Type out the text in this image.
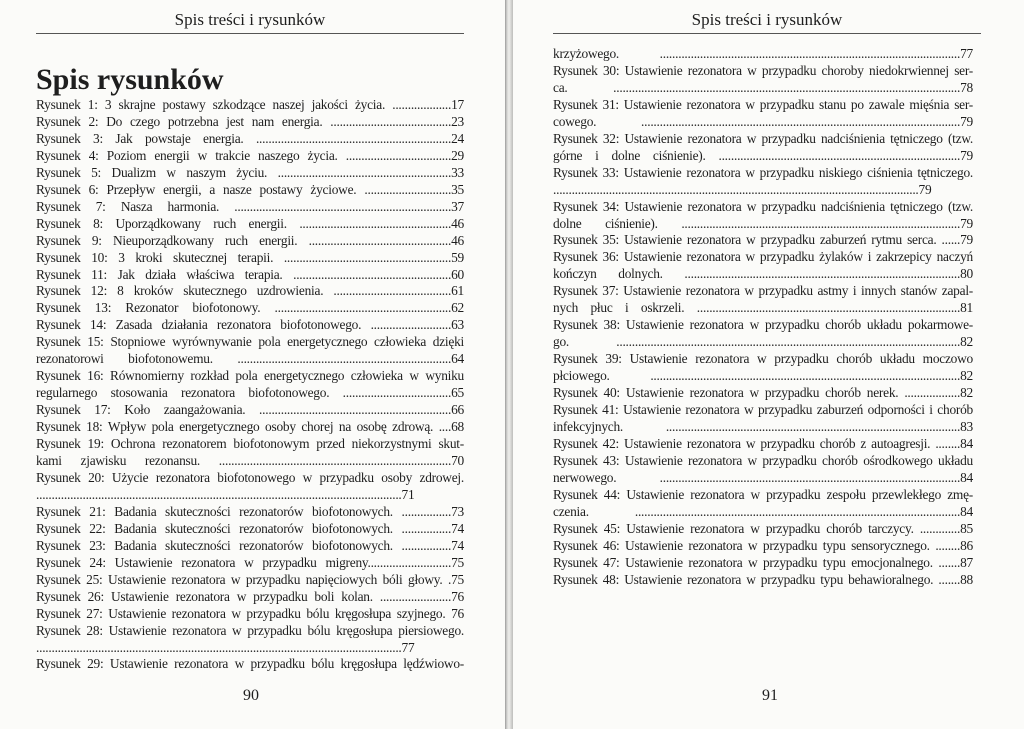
Spis treści i rysunków
Spis rysunków

Rysunek 1: 3 skrajne postawy szkodzące naszej jakości życia. ...................17

Rysunek 2: Do czego potrzebna jest nam energia. .......................................23

Rysunek 3: Jak powstaje energia. ...............................................................24

Rysunek 4: Poziom energii w trakcie naszego życia. ..................................29

Rysunek 5: Dualizm w naszym życiu. ........................................................33

Rysunek 6: Przepływ energii, a nasze postawy życiowe. ............................35

Rysunek 7: Nasza harmonia. ......................................................................37

Rysunek 8: Uporządkowany ruch energii. .................................................46

Rysunek 9: Nieuporządkowany ruch energii. ..............................................46

Rysunek 10: 3 kroki skutecznej terapii. ......................................................59

Rysunek 11: Jak działa właściwa terapia. ...................................................60

Rysunek 12: 8 kroków skutecznego uzdrowienia. ......................................61

Rysunek 13: Rezonator biofotonowy. .........................................................62

Rysunek 14: Zasada działania rezonatora biofotonowego. ..........................63

Rysunek 15: Stopniowe wyrównywanie pola energetycznego człowieka dzięki

rezonatorowi biofotonowemu. .....................................................................64

Rysunek 16: Równomierny rozkład pola energetycznego człowieka w wyniku

regularnego stosowania rezonatora biofotonowego. ...................................65

Rysunek 17: Koło zaangażowania. ..............................................................66

Rysunek 18: Wpływ pola energetycznego osoby chorej na osobę zdrową. ....68

Rysunek 19: Ochrona rezonatorem biofotonowym przed niekorzystnymi skut-

kami zjawisku rezonansu. ...........................................................................70

Rysunek 20: Użycie rezonatora biofotonowego w przypadku osoby zdrowej.

......................................................................................................................71

Rysunek 21: Badania skuteczności rezonatorów biofotonowych. ................73

Rysunek 22: Badania skuteczności rezonatorów biofotonowych. ................74

Rysunek 23: Badania skuteczności rezonatorów biofotonowych. ................74

Rysunek 24: Ustawienie rezonatora w przypadku migreny...........................75

Rysunek 25: Ustawienie rezonatora w przypadku napięciowych bóli głowy. .75

Rysunek 26: Ustawienie rezonatora w przypadku boli kolan. .......................76

Rysunek 27: Ustawienie rezonatora w przypadku bólu kręgosłupa szyjnego. 76

Rysunek 28: Ustawienie rezonatora w przypadku bólu kręgosłupa piersiowego.

......................................................................................................................77

Rysunek 29: Ustawienie rezonatora w przypadku bólu kręgosłupa lędźwiowo-

90
Spis treści i rysunków

krzyżowego. .................................................................................................77

Rysunek 30: Ustawienie rezonatora w przypadku choroby niedokrwiennej ser-

ca. ................................................................................................................78

Rysunek 31: Ustawienie rezonatora w przypadku stanu po zawale mięśnia ser-

cowego. .......................................................................................................79

Rysunek 32: Ustawienie rezonatora w przypadku nadciśnienia tętniczego (tzw.

górne i dolne ciśnienie). ..............................................................................79

Rysunek 33: Ustawienie rezonatora w przypadku niskiego ciśnienia tętniczego.

......................................................................................................................79

Rysunek 34: Ustawienie rezonatora w przypadku nadciśnienia tętniczego (tzw.

dolne ciśnienie). ..........................................................................................79

Rysunek 35: Ustawienie rezonatora w przypadku zaburzeń rytmu serca. ......79

Rysunek 36: Ustawienie rezonatora w przypadku żylaków i zakrzepicy naczyń

kończyn dolnych. .........................................................................................80

Rysunek 37: Ustawienie rezonatora w przypadku astmy i innych stanów zapal-

nych płuc i oskrzeli. .....................................................................................81

Rysunek 38: Ustawienie rezonatora w przypadku chorób układu pokarmowe-

go. ...............................................................................................................82

Rysunek 39: Ustawienie rezonatora w przypadku chorób układu moczowo

płciowego. ....................................................................................................82

Rysunek 40: Ustawienie rezonatora w przypadku chorób nerek. ..................82

Rysunek 41: Ustawienie rezonatora w przypadku zaburzeń odporności i chorób

infekcyjnych. ...............................................................................................83

Rysunek 42: Ustawienie rezonatora w przypadku chorób z autoagresji. ........84

Rysunek 43: Ustawienie rezonatora w przypadku chorób ośrodkowego układu

nerwowego. .................................................................................................84

Rysunek 44: Ustawienie rezonatora w przypadku zespołu przewlekłego zmę-

czenia. .........................................................................................................84

Rysunek 45: Ustawienie rezonatora w przypadku chorób tarczycy. .............85

Rysunek 46: Ustawienie rezonatora w przypadku typu sensorycznego. ........86

Rysunek 47: Ustawienie rezonatora w przypadku typu emocjonalnego. .......87

Rysunek 48: Ustawienie rezonatora w przypadku typu behawioralnego. .......88

91
